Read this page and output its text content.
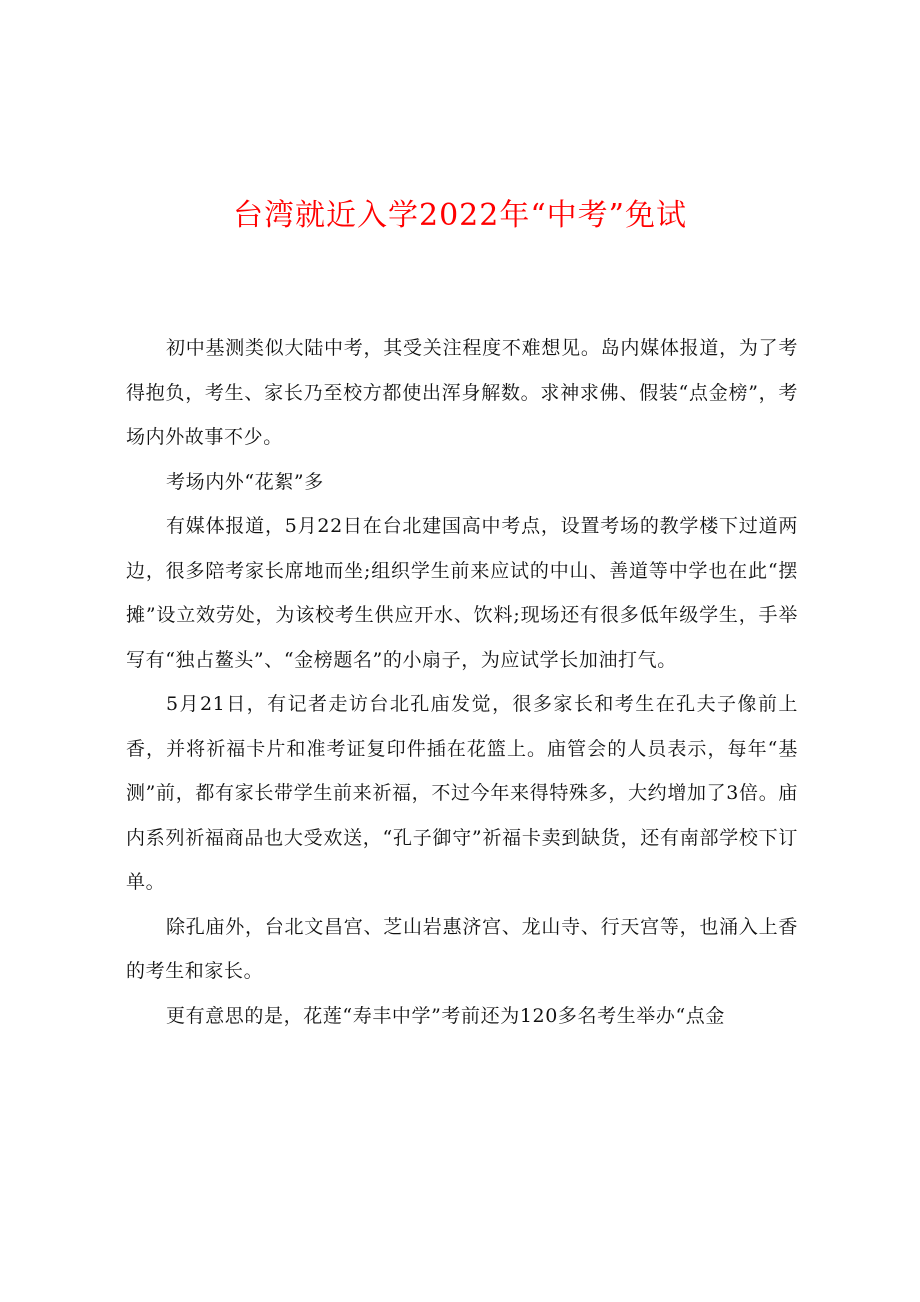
台湾就近入学2022年“中考”免试

初中基测类似大陆中考，其受关注程度不难想见。岛内媒体报道，为了考得抱负，考生、家长乃至校方都使出浑身解数。求神求佛、假装“点金榜”，考场内外故事不少。

考场内外“花絮”多

有媒体报道，5月22日在台北建国高中考点，设置考场的教学楼下过道两边，很多陪考家长席地而坐;组织学生前来应试的中山、善道等中学也在此“摆摊”设立效劳处，为该校考生供应开水、饮料;现场还有很多低年级学生，手举写有“独占鳌头”、“金榜题名”的小扇子，为应试学长加油打气。

5月21日，有记者走访台北孔庙发觉，很多家长和考生在孔夫子像前上香，并将祈福卡片和准考证复印件插在花篮上。庙管会的人员表示，每年“基测”前，都有家长带学生前来祈福，不过今年来得特殊多，大约增加了3倍。庙内系列祈福商品也大受欢送，“孔子御守”祈福卡卖到缺货，还有南部学校下订单。

除孔庙外，台北文昌宫、芝山岩惠济宫、龙山寺、行天宫等，也涌入上香的考生和家长。

更有意思的是，花莲“寿丰中学”考前还为120多名考生举办“点金
